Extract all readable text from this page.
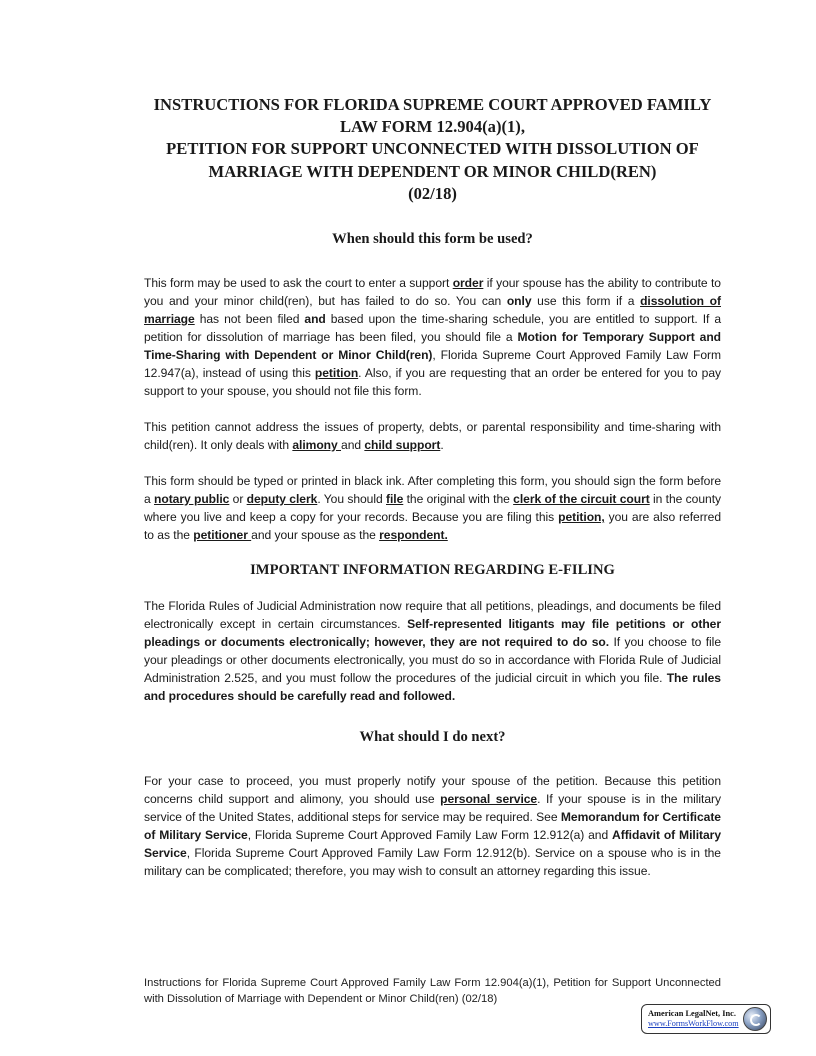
INSTRUCTIONS FOR FLORIDA SUPREME COURT APPROVED FAMILY
LAW FORM 12.904(a)(1),
PETITION FOR SUPPORT UNCONNECTED WITH DISSOLUTION OF
MARRIAGE WITH DEPENDENT OR MINOR CHILD(REN)
(02/18)
When should this form be used?

This form may be used to ask the court to enter a support order if your spouse has the ability to contribute to you and your minor child(ren), but has failed to do so. You can only use this form if a dissolution of marriage has not been filed and based upon the time-sharing schedule, you are entitled to support. If a petition for dissolution of marriage has been filed, you should file a Motion for Temporary Support and Time-Sharing with Dependent or Minor Child(ren), Florida Supreme Court Approved Family Law Form 12.947(a), instead of using this petition. Also, if you are requesting that an order be entered for you to pay support to your spouse, you should not file this form.

This petition cannot address the issues of property, debts, or parental responsibility and time-sharing with child(ren). It only deals with alimony and child support.

This form should be typed or printed in black ink. After completing this form, you should sign the form before a notary public or deputy clerk. You should file the original with the clerk of the circuit court in the county where you live and keep a copy for your records. Because you are filing this petition, you are also referred to as the petitioner and your spouse as the respondent.

IMPORTANT INFORMATION REGARDING E-FILING

The Florida Rules of Judicial Administration now require that all petitions, pleadings, and documents be filed electronically except in certain circumstances. Self-represented litigants may file petitions or other pleadings or documents electronically; however, they are not required to do so. If you choose to file your pleadings or other documents electronically, you must do so in accordance with Florida Rule of Judicial Administration 2.525, and you must follow the procedures of the judicial circuit in which you file. The rules and procedures should be carefully read and followed.

What should I do next?

For your case to proceed, you must properly notify your spouse of the petition. Because this petition concerns child support and alimony, you should use personal service. If your spouse is in the military service of the United States, additional steps for service may be required. See Memorandum for Certificate of Military Service, Florida Supreme Court Approved Family Law Form 12.912(a) and Affidavit of Military Service, Florida Supreme Court Approved Family Law Form 12.912(b). Service on a spouse who is in the military can be complicated; therefore, you may wish to consult an attorney regarding this issue.

Instructions for Florida Supreme Court Approved Family Law Form 12.904(a)(1), Petition for Support Unconnected with Dissolution of Marriage with Dependent or Minor Child(ren) (02/18)
American LegalNet, Inc.
www.FormsWorkFlow.com
